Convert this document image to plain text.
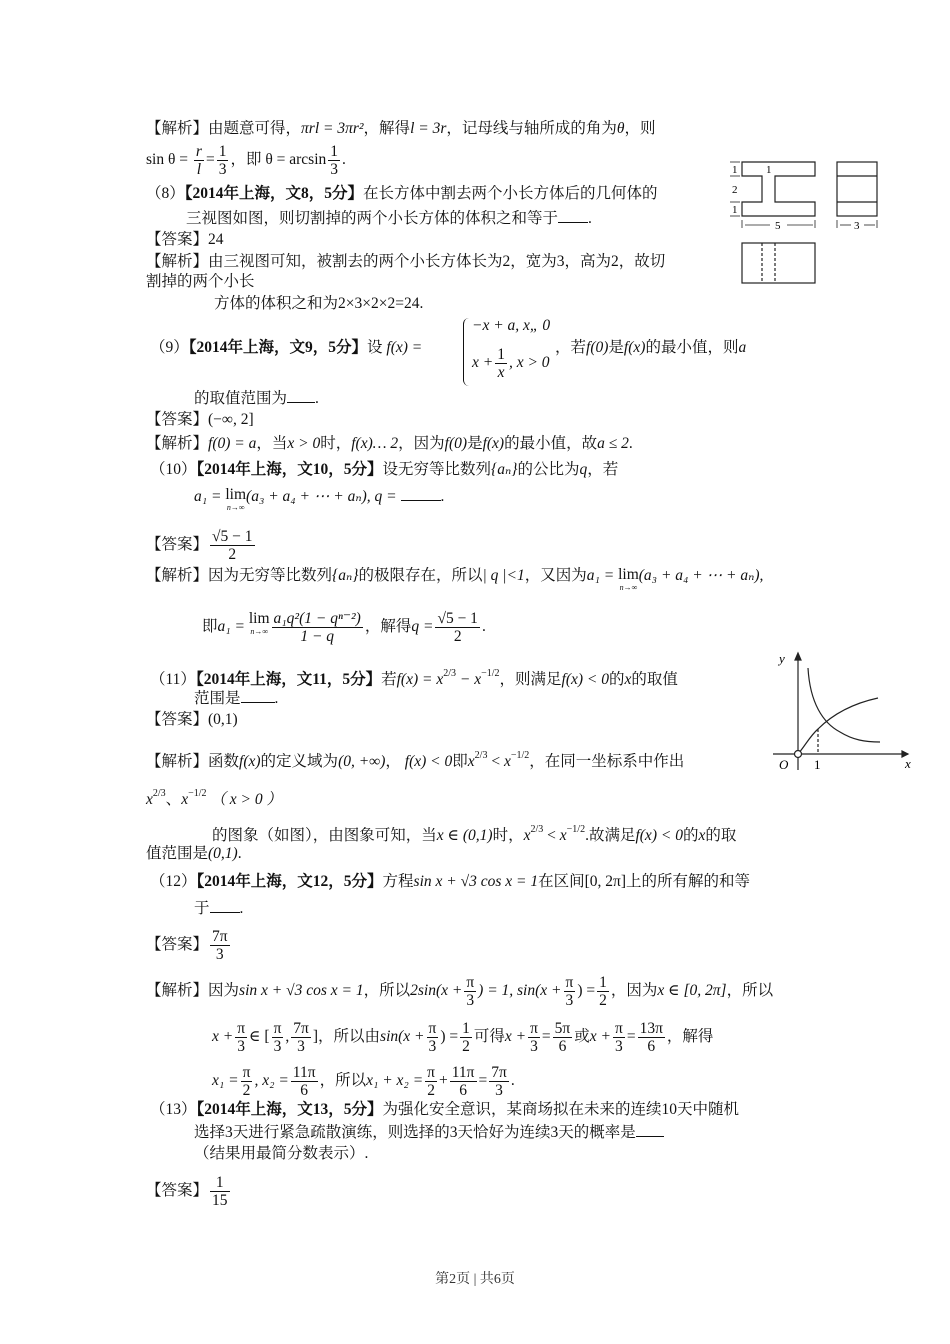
【解析】由题意可得，πrl = 3πr²，解得l = 3r，记母线与轴所成的角为θ，则
$\sin \theta = \frac{r}{l} = \frac{1}{3}$ ，即 $\theta = \arcsin \frac{1}{3}$ .
（8）【2014年上海，文8，5分】在长方体中割去两个小长方体后的几何体的
三视图如图，则切割掉的两个小长方体的体积之和等于 .
【答案】24
【解析】由三视图可知，被割去的两个小长方体长为2，宽为3，高为2，故切
割掉的两个小长
方体的体积之和为2×3×2×2=24.
1
2
1
1
5	3
（9）【2014年上海，文9，5分】设 f(x) =
−x + a, x„ 0
$x + \frac{1}{x}$ , x > 0
，若f(0)是f(x)的最小值，则a
的取值范围为 .
【答案】(−∞, 2]
【解析】f(0) = a，当x > 0时，f(x)… 2，因为f(0)是f(x)的最小值，故a ≤ 2.
（10）【2014年上海，文10，5分】设无穷等比数列{aₙ}的公比为q，若
a₁ = lim
n→∞
(a₃ + a₄ + ⋯ + aₙ), q =	.
【答案】 $\frac{√5 - 1}{2}$
【解析】因为无穷等比数列{aₙ}的极限存在，所以| q |<1，又因为a₁ = lim
n→∞
(a₃ + a₄ + ⋯ + aₙ),
即a₁ = lim
$n\to\infty \frac{\text{a₁q²(1 − qⁿ⁻²)}}{1 - q}$ ，解得$q = \frac{√5 - 1}{2}$ .
（11）【2014年上海，文11，5分】若$f(x) = x^{2/3} - x^{-1/2}$，则满足f(x) < 0的x的取值
范围是 .
【答案】(0,1)
【解析】函数f(x)的定义域为(0, +∞)， f(x) < 0即$x^{2/3} < x^{-1/2}$，在同一坐标系中作出
$x^{2/3}$、$x^{-1/2}$ （ x > 0 ）
的图象（如图），由图象可知，当x ∈ (0,1)时，$x^{2/3} < x^{-1/2}$.故满足f(x) < 0的x的取
值范围是(0,1).
y
x
O 1
（12）【2014年上海，文12，5分】方程sin x + √3 cos x = 1在区间[0, 2π]上的所有解的和等
于 .
【答案】 $\frac{7\pi}{3}$
【解析】因为sin x + √3 cos x = 1，所以$2\sin(x + \frac{\pi}{3}$ ) = 1, $\sin(x + \frac{\pi}{3}$ ) = $\frac{1}{2}$ ，因为x ∈ [0, 2π]，所以
$x + \frac{\pi}{3}$ ∈ [ $\frac{\pi}{3}$ , $\frac{7\pi}{3}$ ]，所以由$\sin(x + \frac{\pi}{3}$ ) = $\frac{1}{2}$ 可得$x + \frac{\pi}{3} = \frac{5\pi}{6}$ 或$x + \frac{\pi}{3} = \frac{13\pi}{6}$ ，解得
$x_1 = \frac{\pi}{2}$ , $x_2 = \frac{11\pi}{6}$ ，所以$x_1 + x_2 = \frac{\pi}{2} + \frac{11\pi}{6} = \frac{7\pi}{3}$ .
（13）【2014年上海，文13，5分】为强化安全意识，某商场拟在未来的连续10天中随机
选择3天进行紧急疏散演练，则选择的3天恰好为连续3天的概率是
（结果用最简分数表示）.
【答案】 $\frac{1}{15}$
第2页 | 共6页
